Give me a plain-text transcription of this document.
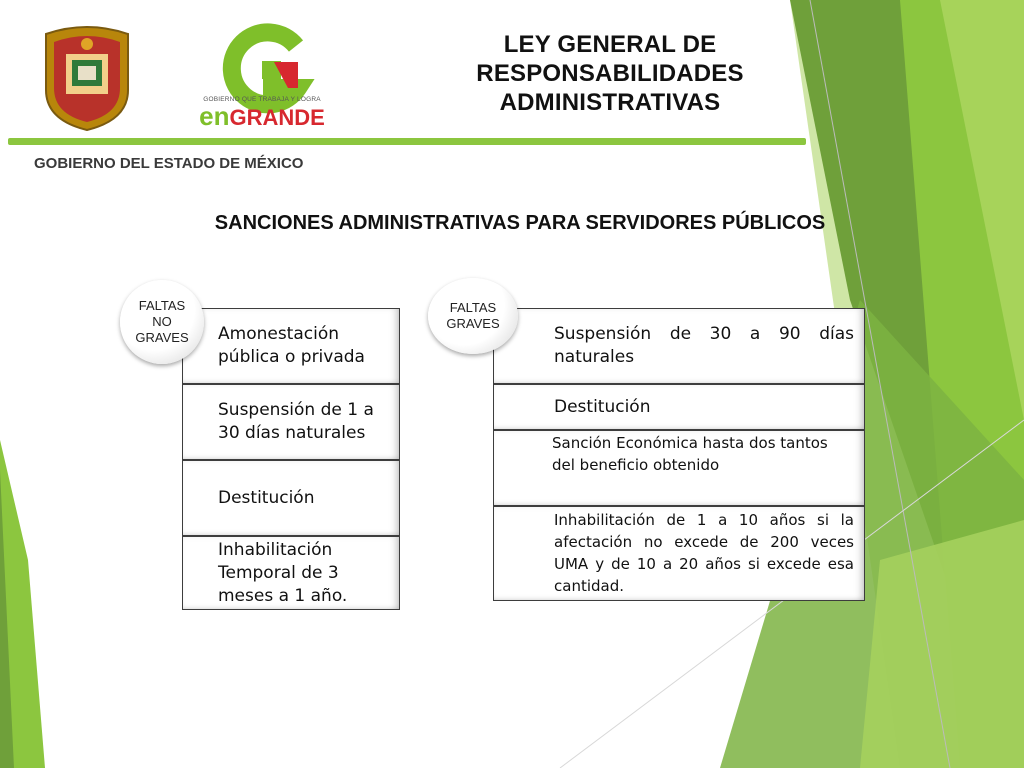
GOBIERNO QUE TRABAJA Y LOGRA
enGRANDE
GOBIERNO DEL ESTADO DE MÉXICO
LEY GENERAL DE
RESPONSABILIDADES
ADMINISTRATIVAS
SANCIONES ADMINISTRATIVAS PARA SERVIDORES PÚBLICOS
Amonestación pública o privada
Suspensión de 1 a 30 días naturales
Destitución
Inhabilitación Temporal de 3 meses a 1 año.
FALTAS
NO
GRAVES	Suspensión de 30 a 90 días naturales
Destitución
Sanción Económica hasta dos tantos del beneficio obtenido
Inhabilitación de 1 a 10 años si la afectación no excede de 200 veces UMA y de 10 a 20 años si excede esa cantidad.
FALTAS
GRAVES
